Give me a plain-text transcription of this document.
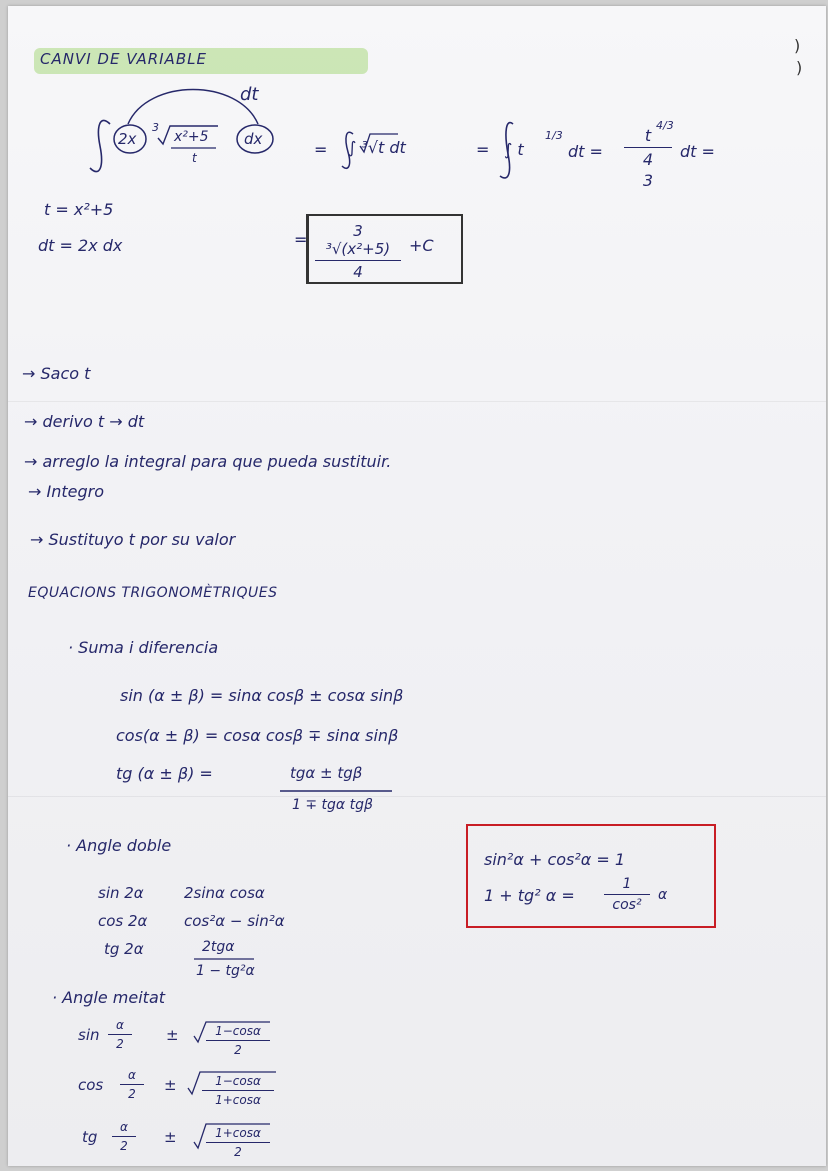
CANVI DE VARIABLE
dt
2x
3
x²+5
t
dx
= ∫ ³√t dt	= ∫ t
1/3
dt =
t
4
3
4/3
dt =
t = x²+5
dt = 2x dx	= $\frac{\text{3 ³√(x²+5)}}{4} +C$
→ Saco t
→ derivo t → dt
→ arreglo la integral para que pueda sustituir.
→ Integro
→ Sustituyo t por su valor
EQUACIONS TRIGONOMÈTRIQUES
· Suma i diferencia
sin (α ± β) = sinα cosβ ± cosα sinβ
cos(α ± β) = cosα cosβ ∓ sinα sinβ
tg (α ± β) =	tgα ± tgβ
1 ∓ tgα tgβ
· Angle doble
sin 2α	2sinα cosα
cos 2α cos²α − sin²α
tg 2α	2tgα
1 − tg²α
· Angle meitat
$\sin \frac{\alpha}{2} \pm \frac{1-\cos\alpha}{2}$
$\cos \frac{\alpha}{2} \pm \frac{1-\cos\alpha}{1+\cos\alpha}$
tg $\frac{\alpha}{2} \pm \frac{1+\cos\alpha}{2}$
sin²α + cos²α = 1
1 + tg² $\alpha = \frac{1}{\text{cos²}}$ α
)
)
